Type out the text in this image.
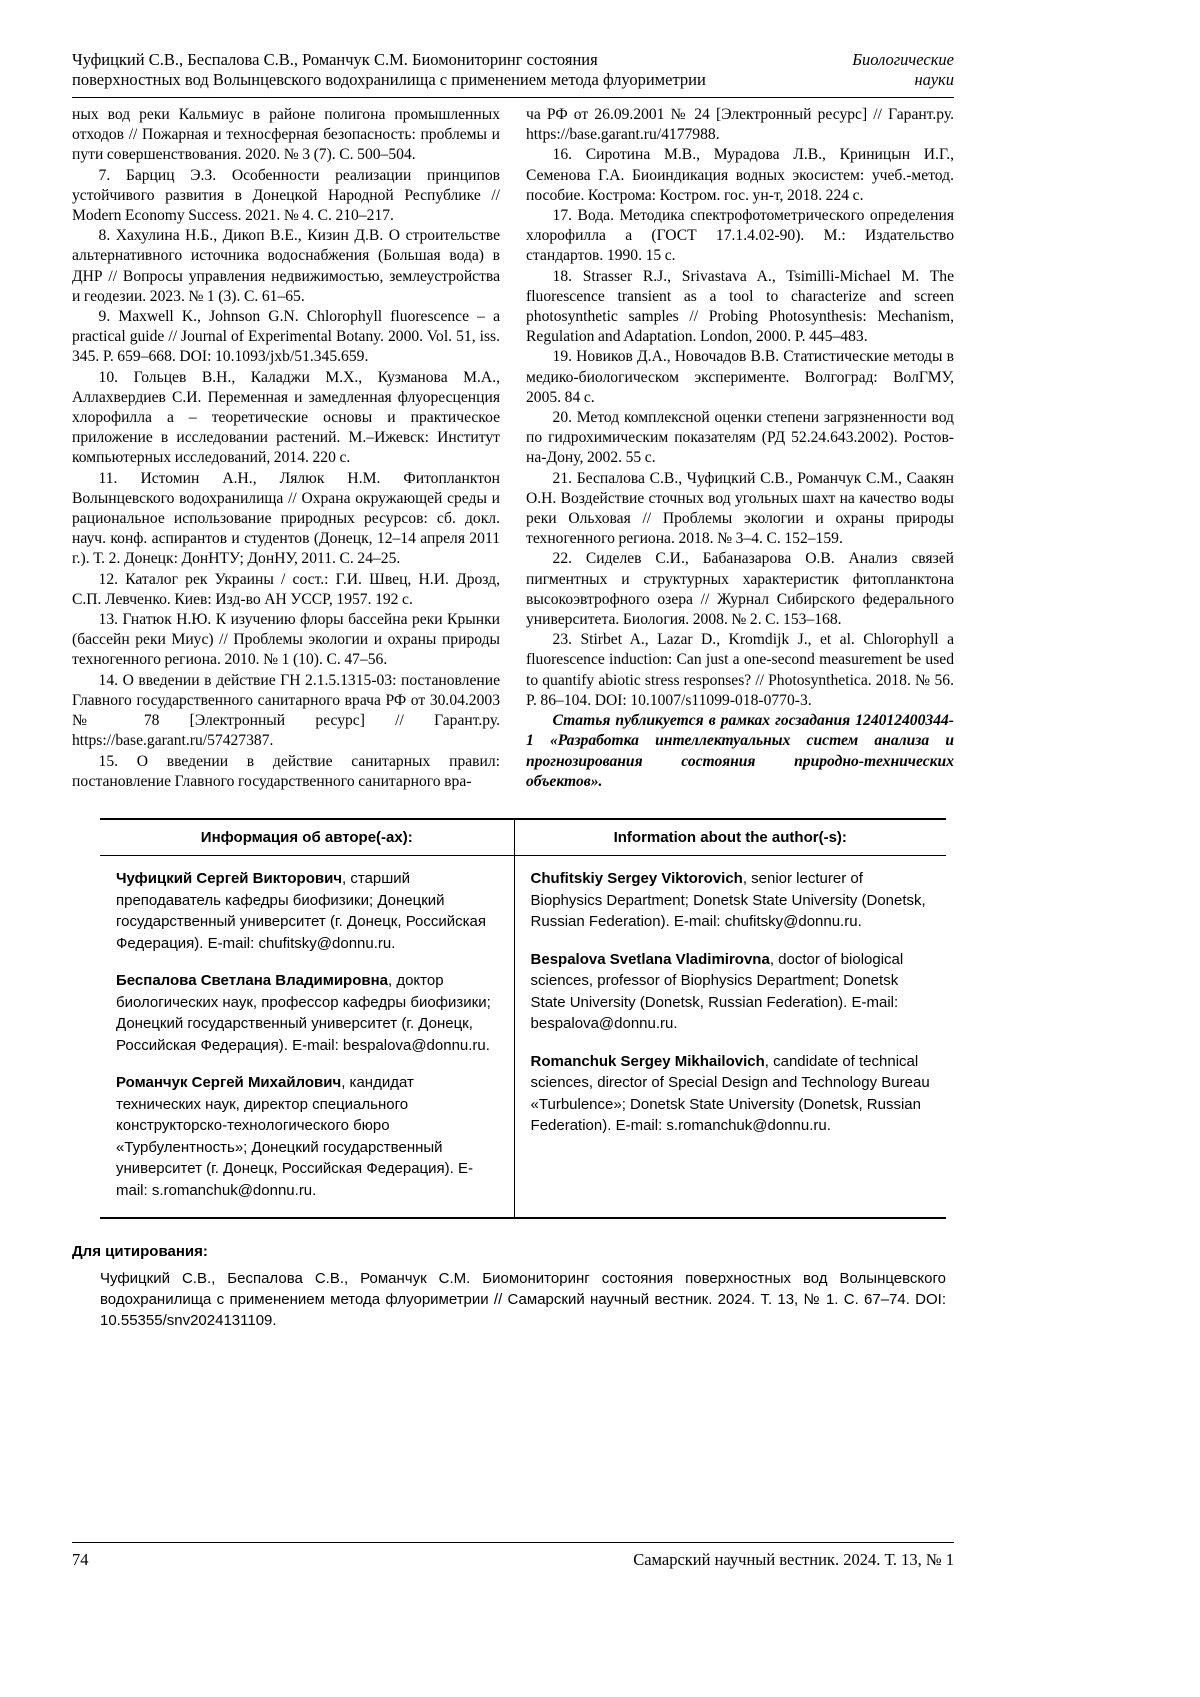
Чуфицкий С.В., Беспалова С.В., Романчук С.М. Биомониторинг состояния
поверхностных вод Волынцевского водохранилища с применением метода флуориметрии
Биологические
науки

ных вод реки Кальмиус в районе полигона промышленных отходов // Пожарная и техносферная безопасность: проблемы и пути совершенствования. 2020. № 3 (7). С. 500–504.

7. Барциц Э.З. Особенности реализации принципов устойчивого развития в Донецкой Народной Республике // Modern Economy Success. 2021. № 4. С. 210–217.

8. Хахулина Н.Б., Дикоп В.Е., Кизин Д.В. О строительстве альтернативного источника водоснабжения (Большая вода) в ДНР // Вопросы управления недвижимостью, землеустройства и геодезии. 2023. № 1 (3). С. 61–65.

9. Maxwell K., Johnson G.N. Chlorophyll fluorescence – a practical guide // Journal of Experimental Botany. 2000. Vol. 51, iss. 345. P. 659–668. DOI: 10.1093/jxb/51.345.659.

10. Гольцев В.Н., Каладжи М.Х., Кузманова М.А., Аллахвердиев С.И. Переменная и замедленная флуоресценция хлорофилла а – теоретические основы и практическое приложение в исследовании растений. М.–Ижевск: Институт компьютерных исследований, 2014. 220 с.

11. Истомин А.Н., Лялюк Н.М. Фитопланктон Волынцевского водохранилища // Охрана окружающей среды и рациональное использование природных ресурсов: сб. докл. науч. конф. аспирантов и студентов (Донецк, 12–14 апреля 2011 г.). Т. 2. Донецк: ДонНТУ; ДонНУ, 2011. С. 24–25.

12. Каталог рек Украины / сост.: Г.И. Швец, Н.И. Дрозд, С.П. Левченко. Киев: Изд-во АН УССР, 1957. 192 с.

13. Гнатюк Н.Ю. К изучению флоры бассейна реки Крынки (бассейн реки Миус) // Проблемы экологии и охраны природы техногенного региона. 2010. № 1 (10). С. 47–56.

14. О введении в действие ГН 2.1.5.1315-03: постановление Главного государственного санитарного врача РФ от 30.04.2003 № 78 [Электронный ресурс] // Гарант.ру. https://base.garant.ru/57427387.

15. О введении в действие санитарных правил: постановление Главного государственного санитарного вра-

ча РФ от 26.09.2001 № 24 [Электронный ресурс] // Гарант.ру. https://base.garant.ru/4177988.

16. Сиротина М.В., Мурадова Л.В., Криницын И.Г., Семенова Г.А. Биоиндикация водных экосистем: учеб.-метод. пособие. Кострома: Костром. гос. ун-т, 2018. 224 с.

17. Вода. Методика спектрофотометрического определения хлорофилла а (ГОСТ 17.1.4.02-90). М.: Издательство стандартов. 1990. 15 с.

18. Strasser R.J., Srivastava A., Tsimilli-Michael M. The fluorescence transient as a tool to characterize and screen photosynthetic samples // Probing Photosynthesis: Mechanism, Regulation and Adaptation. London, 2000. P. 445–483.

19. Новиков Д.А., Новочадов В.В. Статистические методы в медико-биологическом эксперименте. Волгоград: ВолГМУ, 2005. 84 с.

20. Метод комплексной оценки степени загрязненности вод по гидрохимическим показателям (РД 52.24.643.2002). Ростов-на-Дону, 2002. 55 с.

21. Беспалова С.В., Чуфицкий С.В., Романчук С.М., Саакян О.Н. Воздействие сточных вод угольных шахт на качество воды реки Ольховая // Проблемы экологии и охраны природы техногенного региона. 2018. № 3–4. С. 152–159.

22. Сиделев С.И., Бабаназарова О.В. Анализ связей пигментных и структурных характеристик фитопланктона высокоэвтрофного озера // Журнал Сибирского федерального университета. Биология. 2008. № 2. С. 153–168.

23. Stirbet A., Lazar D., Kromdijk J., et al. Chlorophyll a fluorescence induction: Can just a one-second measurement be used to quantify abiotic stress responses? // Photosynthetica. 2018. № 56. P. 86–104. DOI: 10.1007/s11099-018-0770-3.

Статья публикуется в рамках госзадания 124012400344-1 «Разработка интеллектуальных систем анализа и прогнозирования состояния природно-технических объектов».

Информация об авторе(-ах):	Information about the author(-s):

Чуфицкий Сергей Викторович, старший преподаватель кафедры биофизики; Донецкий государственный университет (г. Донецк, Российская Федерация). E-mail: chufitsky@donnu.ru.

Беспалова Светлана Владимировна, доктор биологических наук, профессор кафедры биофизики; Донецкий государственный университет (г. Донецк, Российская Федерация). E-mail: bespalova@donnu.ru.

Романчук Сергей Михайлович, кандидат технических наук, директор специального конструкторско-технологического бюро «Турбулентность»; Донецкий государственный университет (г. Донецк, Российская Федерация). E-mail: s.romanchuk@donnu.ru.

Chufitskiy Sergey Viktorovich, senior lecturer of Biophysics Department; Donetsk State University (Donetsk, Russian Federation). E-mail: chufitsky@donnu.ru.

Bespalova Svetlana Vladimirovna, doctor of biological sciences, professor of Biophysics Department; Donetsk State University (Donetsk, Russian Federation). E-mail: bespalova@donnu.ru.

Romanchuk Sergey Mikhailovich, candidate of technical sciences, director of Special Design and Technology Bureau «Turbulence»; Donetsk State University (Donetsk, Russian Federation). E-mail: s.romanchuk@donnu.ru.

Для цитирования:

Чуфицкий С.В., Беспалова С.В., Романчук С.М. Биомониторинг состояния поверхностных вод Волынцевского водохранилища с применением метода флуориметрии // Самарский научный вестник. 2024. Т. 13, № 1. С. 67–74. DOI: 10.55355/snv2024131109.

74	Самарский научный вестник. 2024. Т. 13, № 1
